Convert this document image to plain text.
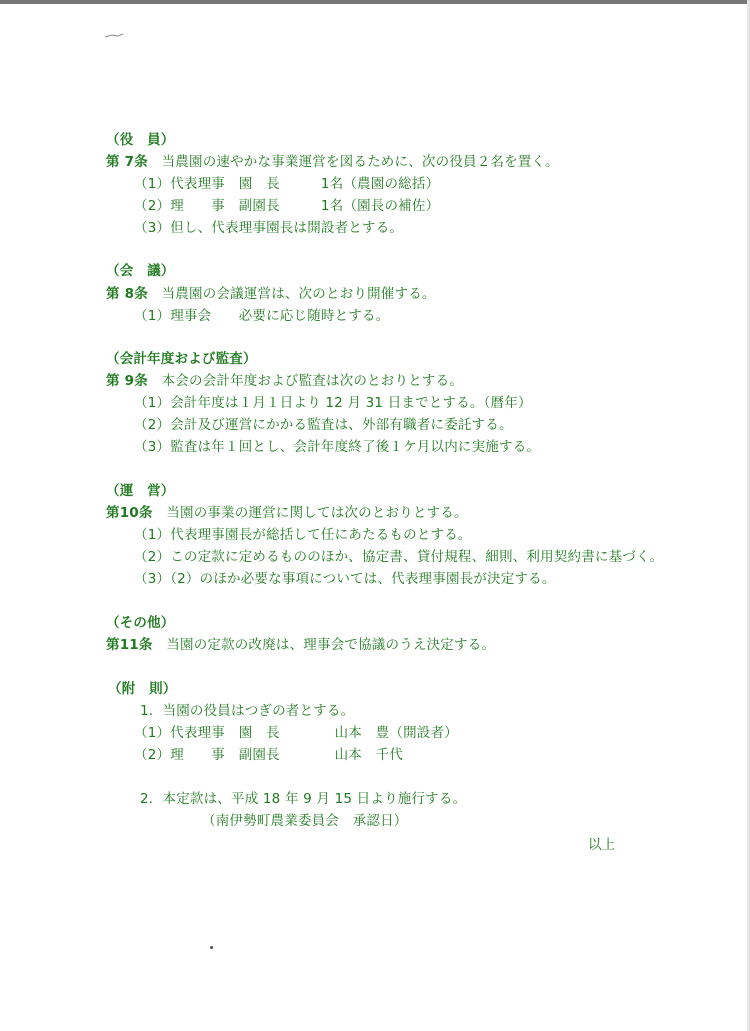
（役　員）
第 7条　 当農園の速やかな事業運営を図るために、次の役員２名を置く。
（1）代表理事　園　長　　　1名（農園の総括）
（2）理　　事　副園長　　　1名（園長の補佐）
（3）但し、代表理事園長は開設者とする。
（会　議）
第 8条　 当農園の会議運営は、次のとおり開催する。
（1）理事会　　必要に応じ随時とする。
（会計年度および監査）
第 9条　 本会の会計年度および監査は次のとおりとする。
（1）会計年度は１月１日より 12 月 31 日までとする。（暦年）
（2）会計及び運営にかかる監査は、外部有職者に委託する。
（3）監査は年１回とし、会計年度終了後１ケ月以内に実施する。
（運　営）
第10条　 当園の事業の運営に関しては次のとおりとする。
（1）代表理事園長が総括して任にあたるものとする。
（2）この定款に定めるもののほか、協定書、貸付規程、細則、利用契約書に基づく。
（3）（2）のほか必要な事項については、代表理事園長が決定する。
（その他）
第11条　 当園の定款の改廃は、理事会で協議のうえ決定する。
（附　則）
1．当園の役員はつぎの者とする。
（1）代表理事　園　長　　　　山本　豊（開設者）
（2）理　　事　副園長　　　　山本　千代
2．本定款は、平成 18 年 9 月 15 日より施行する。
（南伊勢町農業委員会　承認日）
以上
